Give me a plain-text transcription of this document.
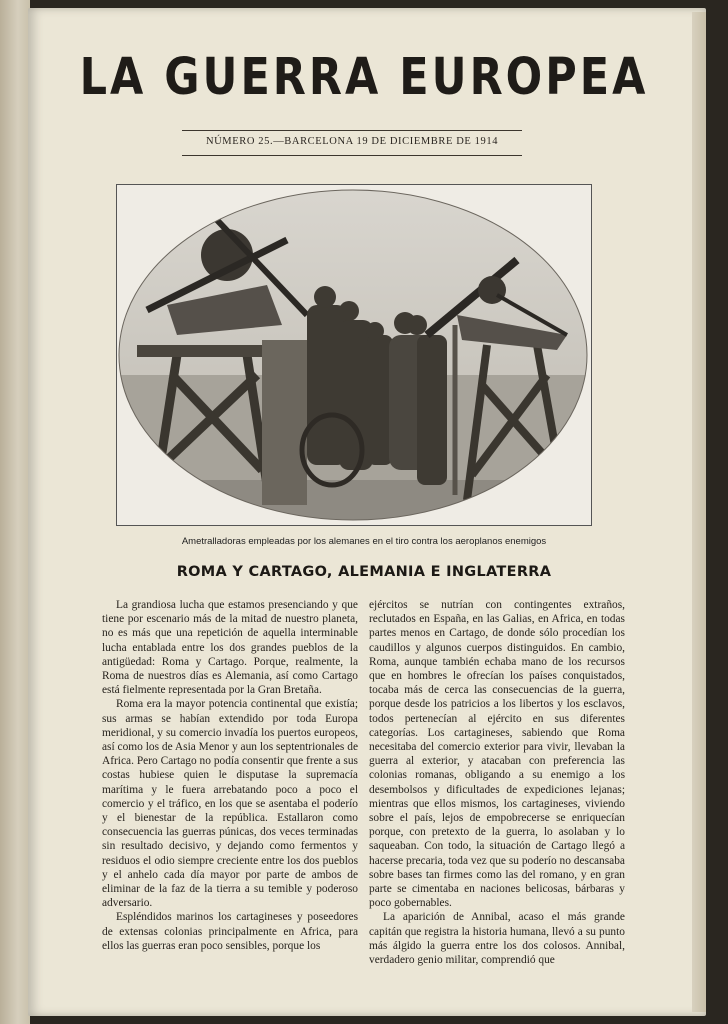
LA GUERRA EUROPEA
NÚMERO 25.—BARCELONA 19 DE DICIEMBRE DE 1914
Ametralladoras empleadas por los alemanes en el tiro contra los aeroplanos enemigos
ROMA Y CARTAGO, ALEMANIA E INGLATERRA

La grandiosa lucha que estamos presenciando y que tiene por escenario más de la mitad de nuestro planeta, no es más que una repetición de aquella interminable lucha entablada entre los dos grandes pueblos de la antigüedad: Roma y Cartago. Porque, realmente, la Roma de nuestros días es Alemania, así como Cartago está fielmente representada por la Gran Bretaña.

Roma era la mayor potencia continental que existía; sus armas se habían extendido por toda Europa meridional, y su comercio invadía los puertos europeos, así como los de Asia Menor y aun los septentrionales de Africa. Pero Cartago no podía consentir que frente a sus costas hubiese quien le disputase la supremacía marítima y le fuera arrebatando poco a poco el comercio y el tráfico, en los que se asentaba el poderío y el bienestar de la república. Estallaron como consecuencia las guerras púnicas, dos veces terminadas sin resultado decisivo, y dejando como fermentos y residuos el odio siempre creciente entre los dos pueblos y el anhelo cada día mayor por parte de ambos de eliminar de la faz de la tierra a su temible y poderoso adversario.

Espléndidos marinos los cartagineses y poseedores de extensas colonias principalmente en Africa, para ellos las guerras eran poco sensibles, porque los

ejércitos se nutrían con contingentes extraños, reclutados en España, en las Galias, en Africa, en todas partes menos en Cartago, de donde sólo procedían los caudillos y algunos cuerpos distinguidos. En cambio, Roma, aunque también echaba mano de los recursos que en hombres le ofrecían los países conquistados, tocaba más de cerca las consecuencias de la guerra, porque desde los patricios a los libertos y los esclavos, todos pertenecían al ejército en sus diferentes categorías. Los cartagineses, sabiendo que Roma necesitaba del comercio exterior para vivir, llevaban la guerra al exterior, y atacaban con preferencia las colonias romanas, obligando a su enemigo a los desembolsos y dificultades de expediciones lejanas; mientras que ellos mismos, los cartagineses, viviendo sobre el país, lejos de empobrecerse se enriquecían porque, con pretexto de la guerra, lo asolaban y lo saqueaban. Con todo, la situación de Cartago llegó a hacerse precaria, toda vez que su poderío no descansaba sobre bases tan firmes como las del romano, y en gran parte se cimentaba en naciones belicosas, bárbaras y poco gobernables.

La aparición de Annibal, acaso el más grande capitán que registra la historia humana, llevó a su punto más álgido la guerra entre los dos colosos. Annibal, verdadero genio militar, comprendió que
